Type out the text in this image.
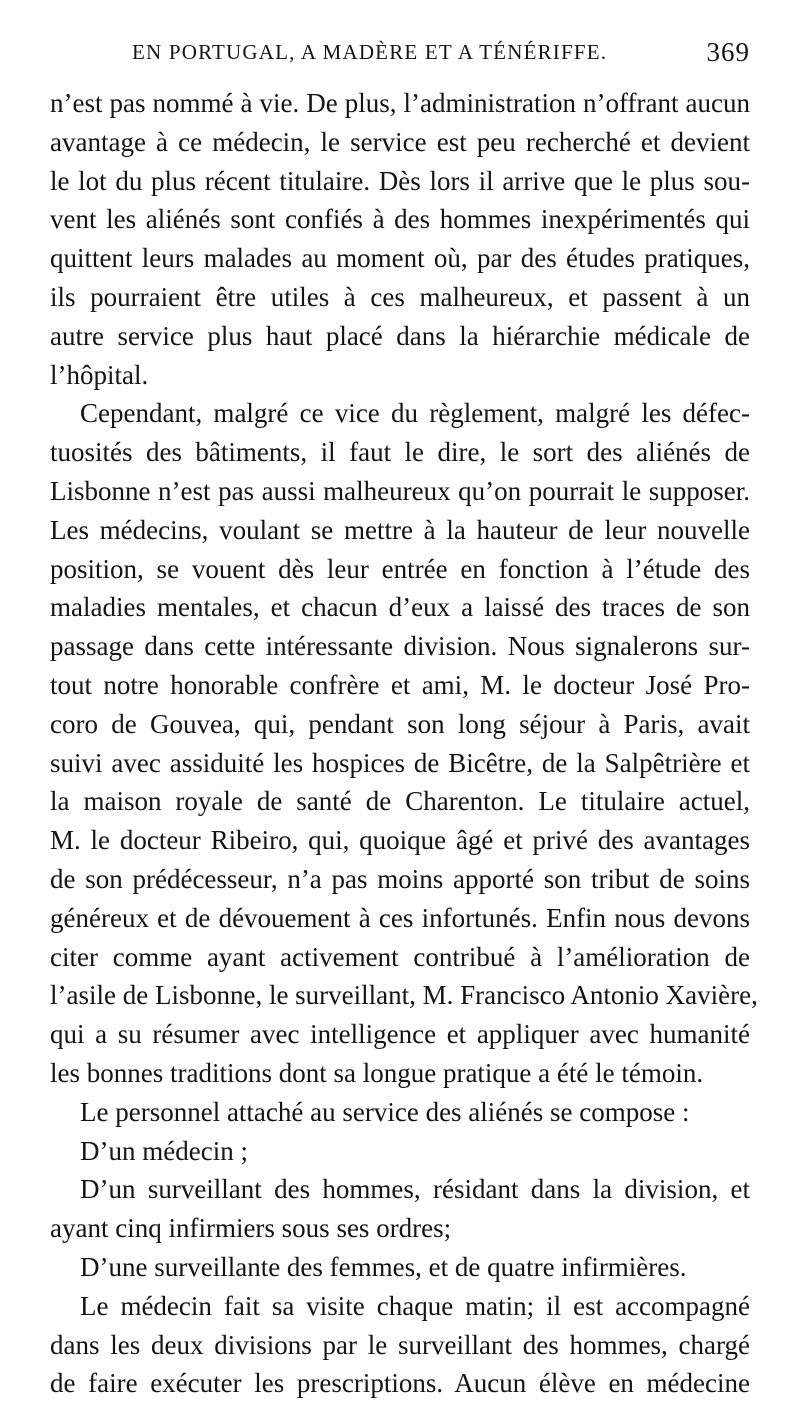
EN PORTUGAL, A MADÈRE ET A TÉNÉRIFFE.	369
n’est pas nommé à vie. De plus, l’administration n’offrant aucun
avantage à ce médecin, le service est peu recherché et devient
le lot du plus récent titulaire. Dès lors il arrive que le plus sou-
vent les aliénés sont confiés à des hommes inexpérimentés qui
quittent leurs malades au moment où, par des études pratiques,
ils pourraient être utiles à ces malheureux, et passent à un
autre service plus haut placé dans la hiérarchie médicale de
l’hôpital.
Cependant, malgré ce vice du règlement, malgré les défec-
tuosités des bâtiments, il faut le dire, le sort des aliénés de
Lisbonne n’est pas aussi malheureux qu’on pourrait le supposer.
Les médecins, voulant se mettre à la hauteur de leur nouvelle
position, se vouent dès leur entrée en fonction à l’étude des
maladies mentales, et chacun d’eux a laissé des traces de son
passage dans cette intéressante division. Nous signalerons sur-
tout notre honorable confrère et ami, M. le docteur José Pro-
coro de Gouvea, qui, pendant son long séjour à Paris, avait
suivi avec assiduité les hospices de Bicêtre, de la Salpêtrière et
la maison royale de santé de Charenton. Le titulaire actuel,
M. le docteur Ribeiro, qui, quoique âgé et privé des avantages
de son prédécesseur, n’a pas moins apporté son tribut de soins
généreux et de dévouement à ces infortunés. Enfin nous devons
citer comme ayant activement contribué à l’amélioration de
l’asile de Lisbonne, le surveillant, M. Francisco Antonio Xavière,
qui a su résumer avec intelligence et appliquer avec humanité
les bonnes traditions dont sa longue pratique a été le témoin.
Le personnel attaché au service des aliénés se compose :
D’un médecin ;
D’un surveillant des hommes, résidant dans la division, et
ayant cinq infirmiers sous ses ordres;
D’une surveillante des femmes, et de quatre infirmières.
Le médecin fait sa visite chaque matin; il est accompagné
dans les deux divisions par le surveillant des hommes, chargé
de faire exécuter les prescriptions. Aucun élève en médecine
